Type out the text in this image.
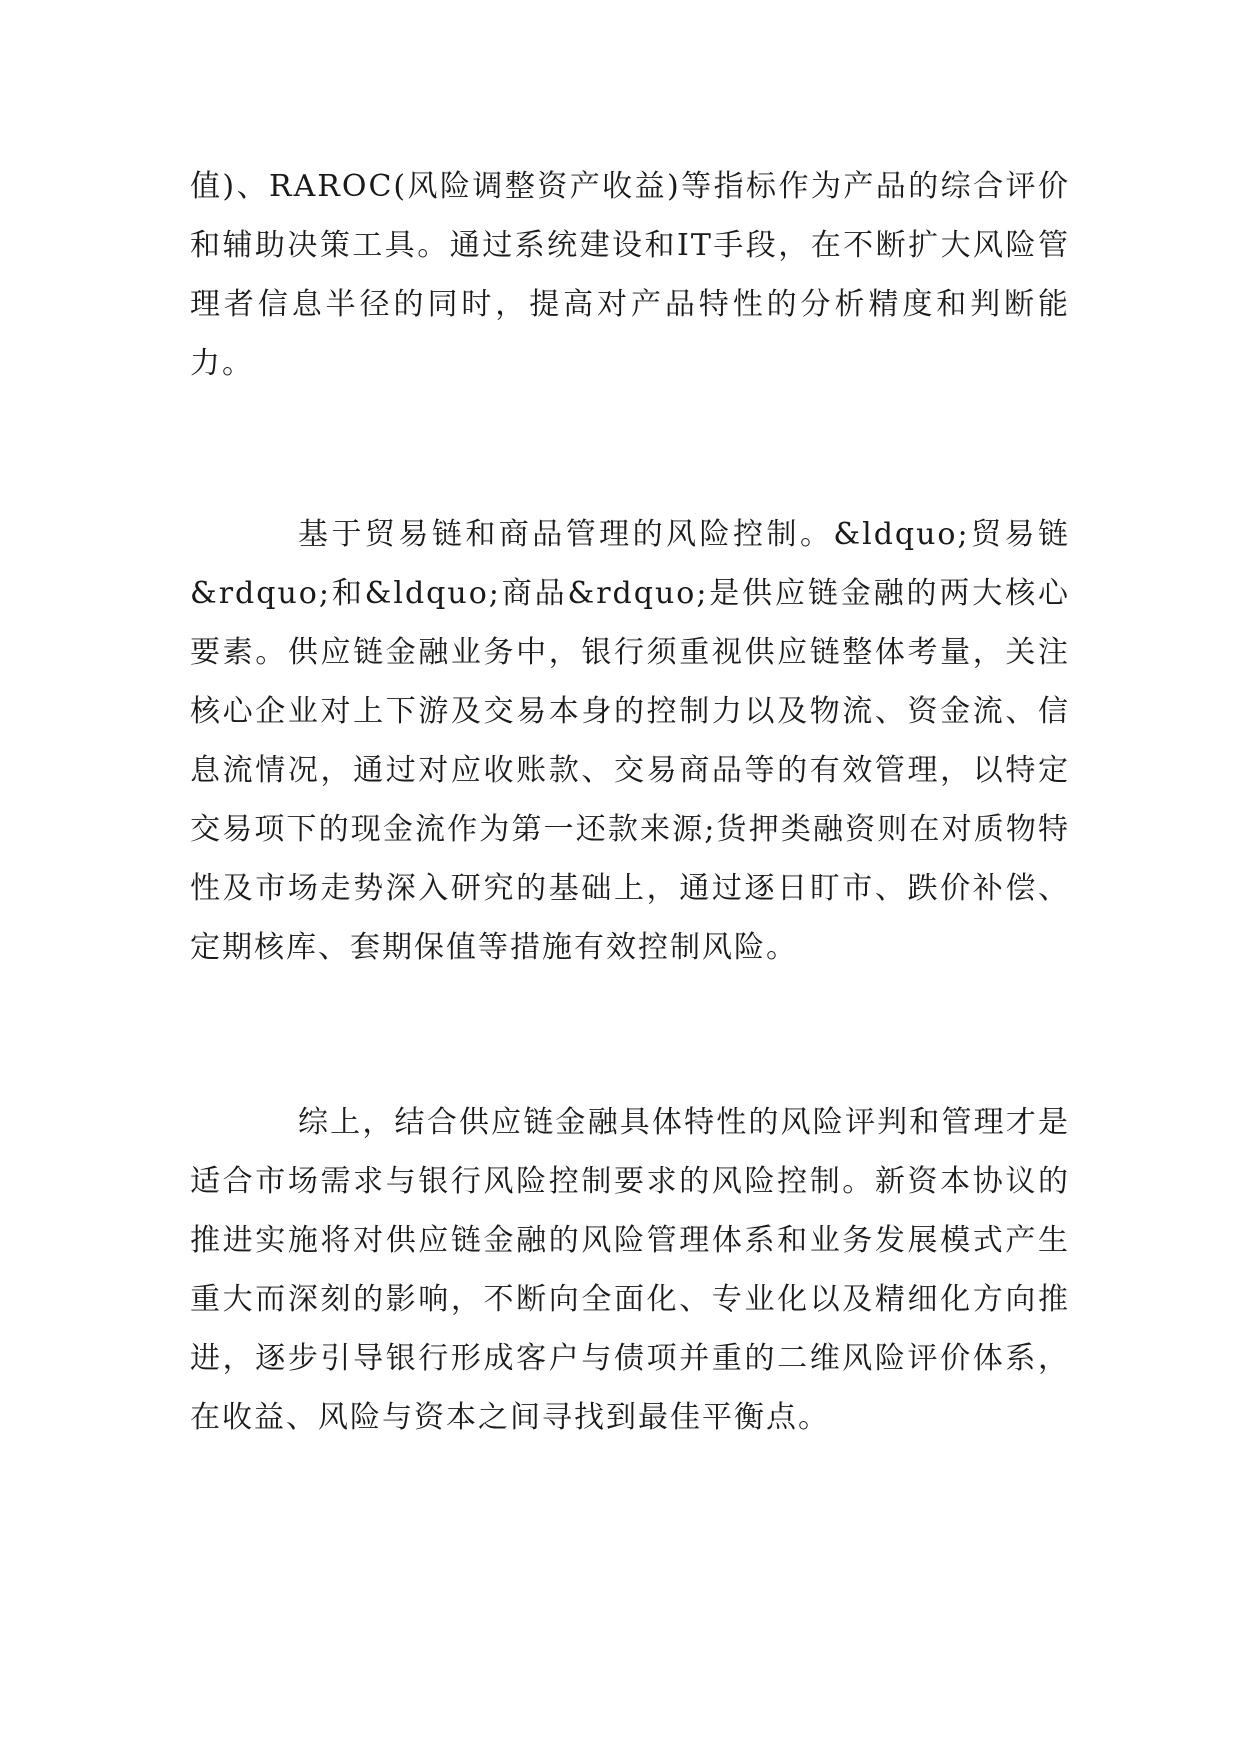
值)、RAROC(风险调整资产收益)等指标作为产品的综合评价和辅助决策工具。通过系统建设和IT手段，在不断扩大风险管理者信息半径的同时，提高对产品特性的分析精度和判断能力。

基于贸易链和商品管理的风险控制。&ldquo;贸易链&rdquo;和&ldquo;商品&rdquo;是供应链金融的两大核心要素。供应链金融业务中，银行须重视供应链整体考量，关注核心企业对上下游及交易本身的控制力以及物流、资金流、信息流情况，通过对应收账款、交易商品等的有效管理，以特定交易项下的现金流作为第一还款来源;货押类融资则在对质物特性及市场走势深入研究的基础上，通过逐日盯市、跌价补偿、定期核库、套期保值等措施有效控制风险。

综上，结合供应链金融具体特性的风险评判和管理才是适合市场需求与银行风险控制要求的风险控制。新资本协议的推进实施将对供应链金融的风险管理体系和业务发展模式产生重大而深刻的影响，不断向全面化、专业化以及精细化方向推进，逐步引导银行形成客户与债项并重的二维风险评价体系，在收益、风险与资本之间寻找到最佳平衡点。
